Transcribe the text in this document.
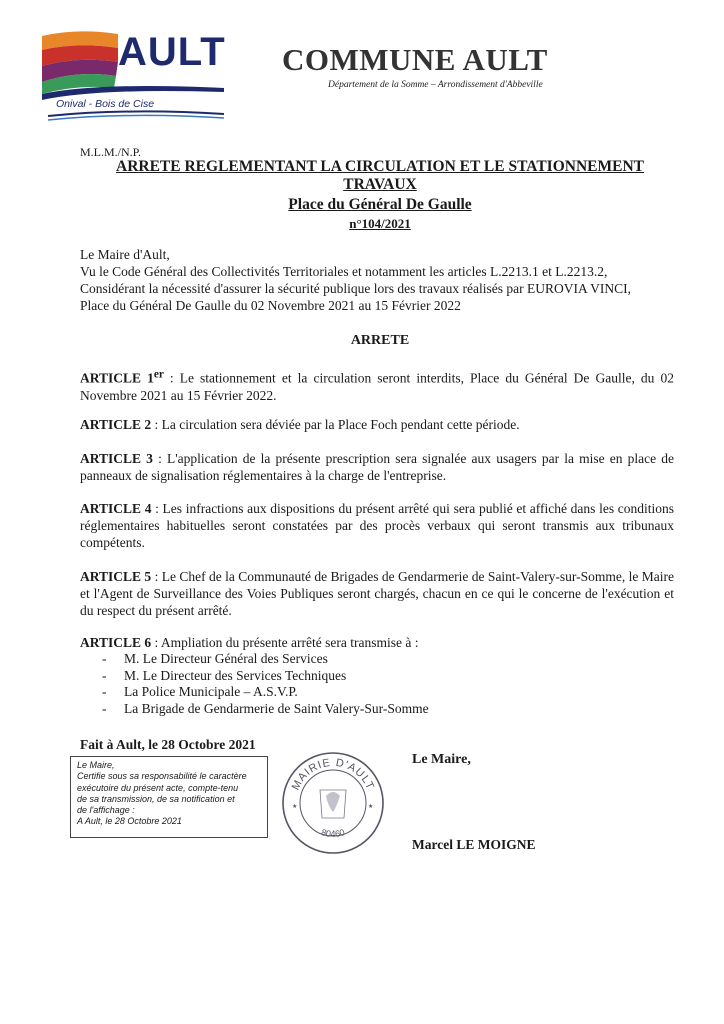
AULT
Onival - Bois de Cise
COMMUNE AULT
Département de la Somme – Arrondissement d'Abbeville
M.L.M./N.P.
ARRETE REGLEMENTANT LA CIRCULATION ET LE STATIONNEMENT
TRAVAUX
Place du Général De Gaulle
n°104/2021
Le Maire d'Ault,
Vu le Code Général des Collectivités Territoriales et notamment les articles L.2213.1 et L.2213.2,
Considérant la nécessité d'assurer la sécurité publique lors des travaux réalisés par EUROVIA VINCI,
Place du Général De Gaulle du 02 Novembre 2021 au 15 Février 2022
ARRETE
ARTICLE 1er : Le stationnement et la circulation seront interdits, Place du Général De Gaulle, du 02 Novembre 2021 au 15 Février 2022.
ARTICLE 2 : La circulation sera déviée par la Place Foch pendant cette période.
ARTICLE 3 : L'application de la présente prescription sera signalée aux usagers par la mise en place de panneaux de signalisation réglementaires à la charge de l'entreprise.
ARTICLE 4 : Les infractions aux dispositions du présent arrêté qui sera publié et affiché dans les conditions réglementaires habituelles seront constatées par des procès verbaux qui seront transmis aux tribunaux compétents.
ARTICLE 5 : Le Chef de la Communauté de Brigades de Gendarmerie de Saint-Valery-sur-Somme, le Maire et l'Agent de Surveillance des Voies Publiques seront chargés, chacun en ce qui le concerne de l'exécution et du respect du présent arrêté.
ARTICLE 6 : Ampliation du présente arrêté sera transmise à :
- M. Le Directeur Général des Services
- M. Le Directeur des Services Techniques
- La Police Municipale – A.S.V.P.
- La Brigade de Gendarmerie de Saint Valery-Sur-Somme
Fait à Ault, le 28 Octobre 2021
Le Maire,
Certifie sous sa responsabilité le caractère
exécutoire du présent acte, compte-tenu
de sa transmission, de sa notification et
de l'affichage :
A Ault, le 28 Octobre 2021
MAIRIE D'AULT
80460
★	★
Le Maire,
Marcel LE MOIGNE
